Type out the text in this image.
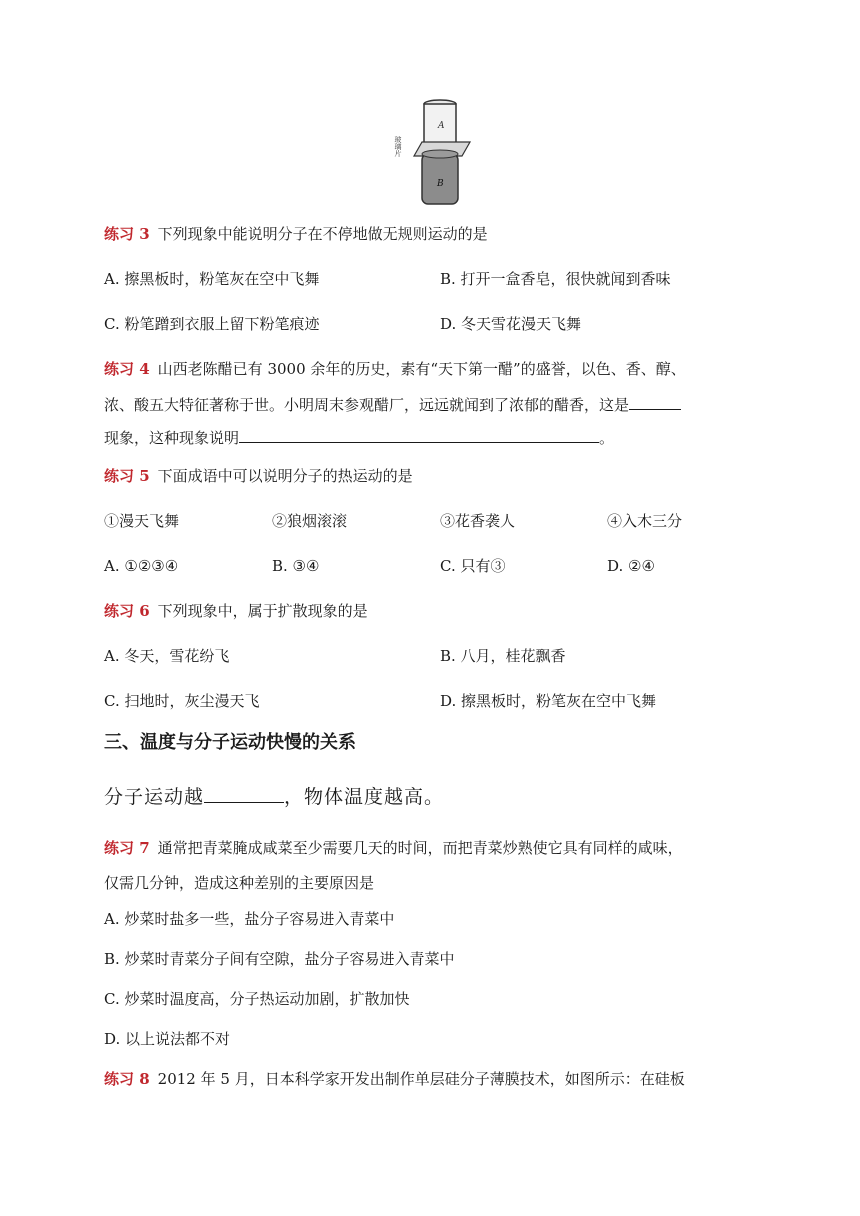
A
B
玻璃片
练习 3 下列现象中能说明分子在不停地做无规则运动的是
A. 擦黑板时，粉笔灰在空中飞舞	B. 打开一盒香皂，很快就闻到香味
C. 粉笔蹭到衣服上留下粉笔痕迹	D. 冬天雪花漫天飞舞
练习 4 山西老陈醋已有 3000 余年的历史，素有“天下第一醋”的盛誉，以色、香、醇、
浓、酸五大特征著称于世。小明周末参观醋厂，远远就闻到了浓郁的醋香，这是
现象，这种现象说明	。
练习 5 下面成语中可以说明分子的热运动的是
①漫天飞舞	②狼烟滚滚	③花香袭人	④入木三分
A. ①②③④	B. ③④	C. 只有③	D. ②④
练习 6 下列现象中，属于扩散现象的是
A. 冬天，雪花纷飞	B. 八月，桂花飘香
C. 扫地时，灰尘漫天飞	D. 擦黑板时，粉笔灰在空中飞舞
三、温度与分子运动快慢的关系
分子运动越	，物体温度越高。
练习 7 通常把青菜腌成咸菜至少需要几天的时间，而把青菜炒熟使它具有同样的咸味，
仅需几分钟，造成这种差别的主要原因是
A. 炒菜时盐多一些，盐分子容易进入青菜中
B. 炒菜时青菜分子间有空隙，盐分子容易进入青菜中
C. 炒菜时温度高，分子热运动加剧，扩散加快
D. 以上说法都不对
练习 8 2012 年 5 月，日本科学家开发出制作单层硅分子薄膜技术，如图所示：在硅板
